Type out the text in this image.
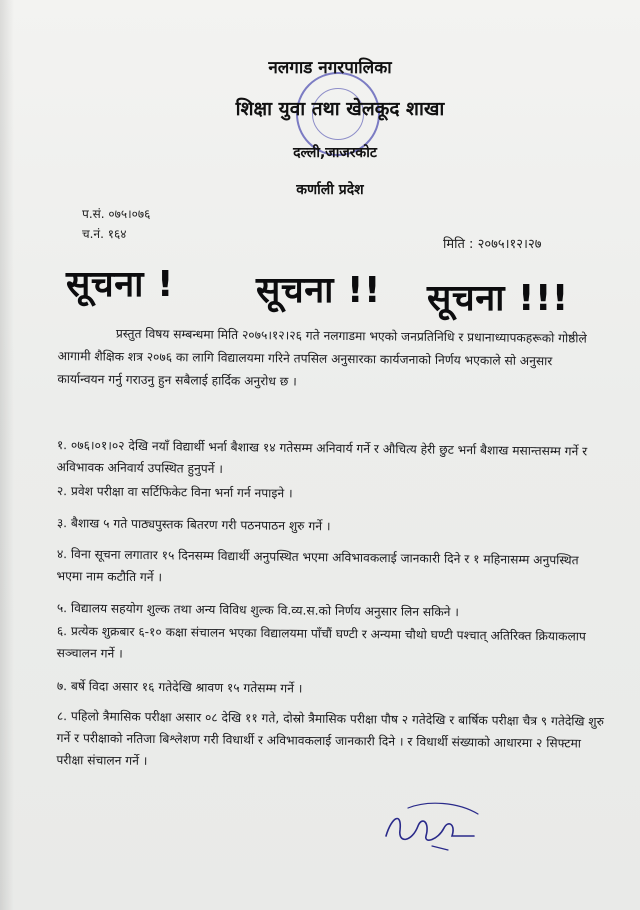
नलगाड नगरपालिका
शिक्षा युवा तथा खेलकूद शाखा
दल्ली,जाजरकोट
कर्णाली प्रदेश
प.सं. ०७५।०७६
च.नं. १६४
मिति : २०७५।१२।२७
सूचना ! सूचना !! सूचना !!!

प्रस्तुत विषय सम्बन्धमा मिति २०७५।१२।२६ गते नलगाडमा भएको जनप्रतिनिधि र प्रधानाध्यापकहरूको गोष्ठीले आगामी शैक्षिक शत्र २०७६ का लागि विद्यालयमा गरिने तपसिल अनुसारका कार्यजनाको निर्णय भएकाले सो अनुसार कार्यान्वयन गर्नु गराउनु हुन सबैलाई हार्दिक अनुरोध छ ।

१. ०७६।०१।०२ देखि नयाँ विद्यार्थी भर्ना बैशाख १४ गतेसम्म अनिवार्य गर्ने र औचित्य हेरी छुट भर्ना बैशाख मसान्तसम्म गर्ने र अविभावक अनिवार्य उपस्थित हुनुपर्ने ।
२. प्रवेश परीक्षा वा सर्टिफिकेट विना भर्ना गर्न नपाइने ।
३. बैशाख ५ गते पाठ्यपुस्तक बितरण गरी पठनपाठन शुरु गर्ने ।
४. विना सूचना लगातार १५ दिनसम्म विद्यार्थी अनुपस्थित भएमा अविभावकलाई जानकारी दिने र १ महिनासम्म अनुपस्थित भएमा नाम कटौति गर्ने ।
५. विद्यालय सहयोग शुल्क तथा अन्य विविध शुल्क वि.व्य.स.को निर्णय अनुसार लिन सकिने ।
६. प्रत्येक शुक्रबार ६-१० कक्षा संचालन भएका विद्यालयमा पाँचौं घण्टी र अन्यमा चौथो घण्टी पश्चात् अतिरिक्त क्रियाकलाप सञ्चालन गर्ने ।
७. बर्षे विदा असार १६ गतेदेखि श्रावण १५ गतेसम्म गर्ने ।
८. पहिलो त्रैमासिक परीक्षा असार ०८ देखि ११ गते, दोस्रो त्रैमासिक परीक्षा पौष २ गतेदेखि र बार्षिक परीक्षा चैत्र ९ गतेदेखि शुरु गर्ने र परीक्षाको नतिजा बिश्लेशण गरी विधार्थी र अविभावकलाई जानकारी दिने । र विधार्थी संख्याको आधारमा २ सिफ्टमा परीक्षा संचालन गर्ने ।
